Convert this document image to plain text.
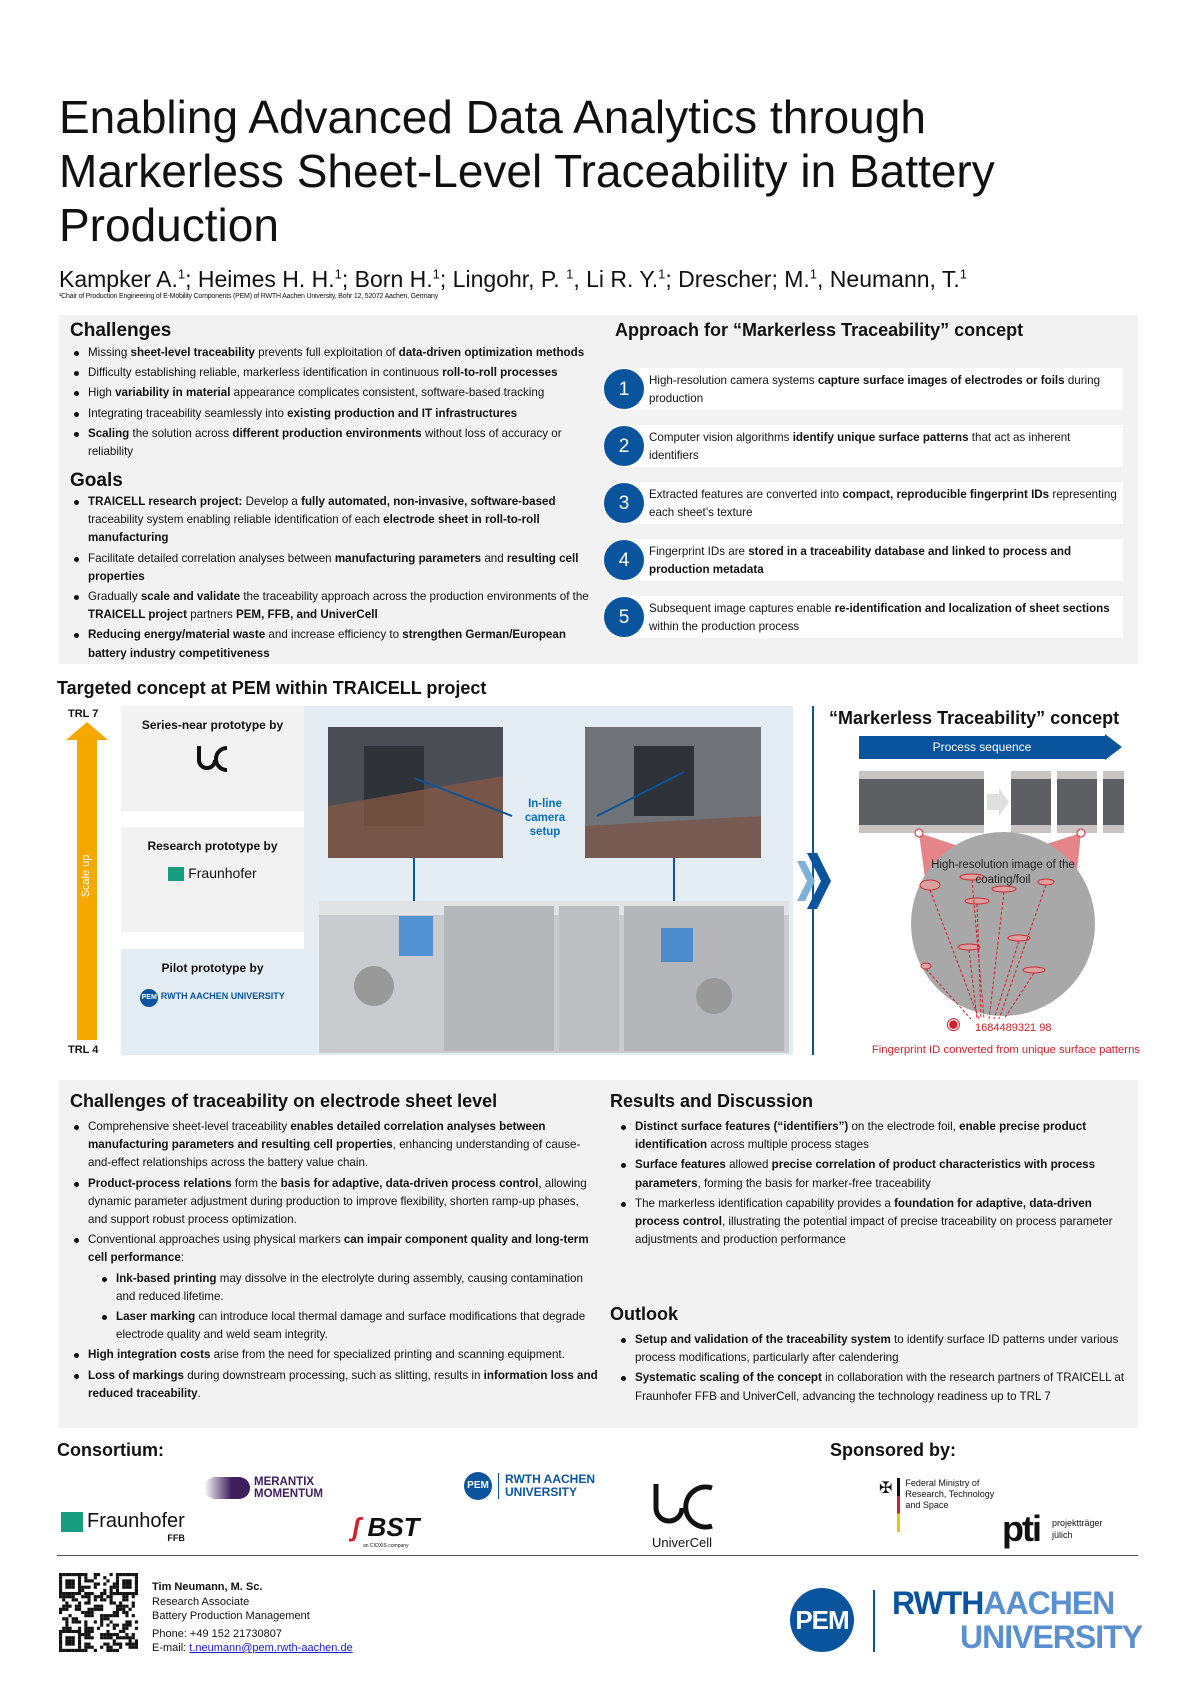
Enabling Advanced Data Analytics through Markerless Sheet-Level Traceability in Battery Production
Kampker A.$^1$; Heimes H. H.$^1$; Born H.$^1$; Lingohr, P. $^1$, Li R. Y.$^1$; Drescher; M.$^1$, Neumann, T.$^1$
¹Chair of Production Engineering of E-Mobility Components (PEM) of RWTH Aachen University, Bohr 12, 52072 Aachen, Germany
Challenges
Missing sheet-level traceability prevents full exploitation of data-driven optimization methods
Difficulty establishing reliable, markerless identification in continuous roll-to-roll processes
High variability in material appearance complicates consistent, software-based tracking
Integrating traceability seamlessly into existing production and IT infrastructures
Scaling the solution across different production environments without loss of accuracy or reliability
Goals
TRAICELL research project: Develop a fully automated, non-invasive, software-based traceability system enabling reliable identification of each electrode sheet in roll-to-roll manufacturing
Facilitate detailed correlation analyses between manufacturing parameters and resulting cell properties
Gradually scale and validate the traceability approach across the production environments of the TRAICELL project partners PEM, FFB, and UniverCell
Reducing energy/material waste and increase efficiency to strengthen German/European battery industry competitiveness
Approach for “Markerless Traceability” concept
High-resolution camera systems capture surface images of electrodes or foils during production
1
Computer vision algorithms identify unique surface patterns that act as inherent identifiers
2
Extracted features are converted into compact, reproducible fingerprint IDs representing each sheet’s texture
3
Fingerprint IDs are stored in a traceability database and linked to process and production metadata
4
Subsequent image captures enable re-identification and localization of sheet sections within the production process
5
Targeted concept at PEM within TRAICELL project
TRL 7
TRL 4
Scale up
Series-near prototype by
Research prototype by
Fraunhofer
Pilot prototype by
PEM RWTH AACHEN UNIVERSITY
In-line camera setup
“Markerless Traceability” concept
Process sequence
High-resolution image of the coating/foil
◉ 1684489321 98
Fingerprint ID converted from unique surface patterns
Challenges of traceability on electrode sheet level
Comprehensive sheet-level traceability enables detailed correlation analyses between manufacturing parameters and resulting cell properties, enhancing understanding of cause-and-effect relationships across the battery value chain.
Product-process relations form the basis for adaptive, data-driven process control, allowing dynamic parameter adjustment during production to improve flexibility, shorten ramp-up phases, and support robust process optimization.
Conventional approaches using physical markers can impair component quality and long-term cell performance:
Ink-based printing may dissolve in the electrolyte during assembly, causing contamination and reduced lifetime.
Laser marking can introduce local thermal damage and surface modifications that degrade electrode quality and weld seam integrity.
High integration costs arise from the need for specialized printing and scanning equipment.
Loss of markings during downstream processing, such as slitting, results in information loss and reduced traceability.
Results and Discussion
Distinct surface features (“identifiers”) on the electrode foil, enable precise product identification across multiple process stages
Surface features allowed precise correlation of product characteristics with process parameters, forming the basis for marker-free traceability
The markerless identification capability provides a foundation for adaptive, data-driven process control, illustrating the potential impact of precise traceability on process parameter adjustments and production performance
Outlook
Setup and validation of the traceability system to identify surface ID patterns under various process modifications, particularly after calendering
Systematic scaling of the concept in collaboration with the research partners of TRAICELL at Fraunhofer FFB and UniverCell, advancing the technology readiness up to TRL 7
Consortium:
MERANTIX MOMENTUM
PEM RWTH AACHEN UNIVERSITY
Fraunhofer
FFB	ʃ BST
an CIOXIS company	UniverCell
Sponsored by:
✠ Federal Ministry of Research, Technology and Space
pti projektträger jülich
Tim Neumann, M. Sc.
Research Associate
Battery Production Management
Phone: +49 152 21730807
E-mail: t.neumann@pem.rwth-aachen.de
PEM RWTHAACHEN
UNIVERSITY
